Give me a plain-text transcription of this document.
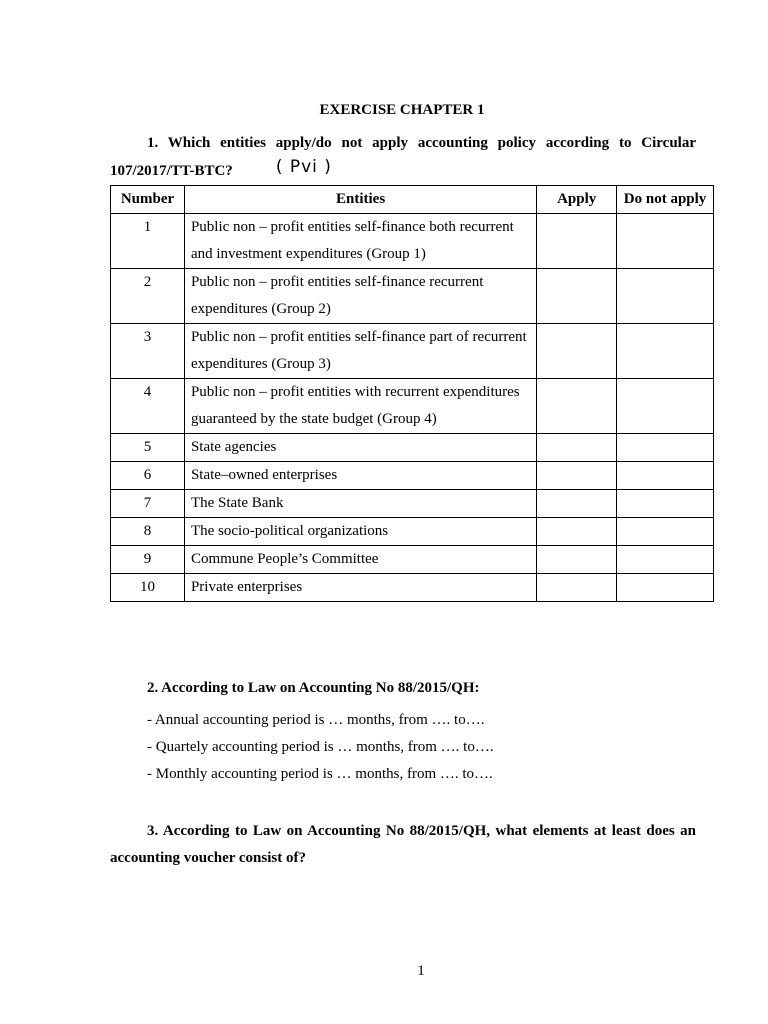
EXERCISE CHAPTER 1
1. Which entities apply/do not apply accounting policy according to Circular 107/2017/TT-BTC?	( Pvi )
Number	Entities	Apply	Do not apply
1	Public non – profit entities self-finance both recurrent and investment expenditures (Group 1)		
2	Public non – profit entities self-finance recurrent expenditures (Group 2)		
3	Public non – profit entities self-finance part of recurrent expenditures (Group 3)		
4	Public non – profit entities with recurrent expenditures guaranteed by the state budget (Group 4)		
5	State agencies		
6	State–owned enterprises		
7	The State Bank		
8	The socio-political organizations		
9	Commune People’s Committee		
10	Private enterprises		
2. According to Law on Accounting No 88/2015/QH:
- Annual accounting period is … months, from …. to….
- Quartely accounting period is … months, from …. to….
- Monthly accounting period is … months, from …. to….
3. According to Law on Accounting No 88/2015/QH, what elements at least does an accounting voucher consist of?
1
